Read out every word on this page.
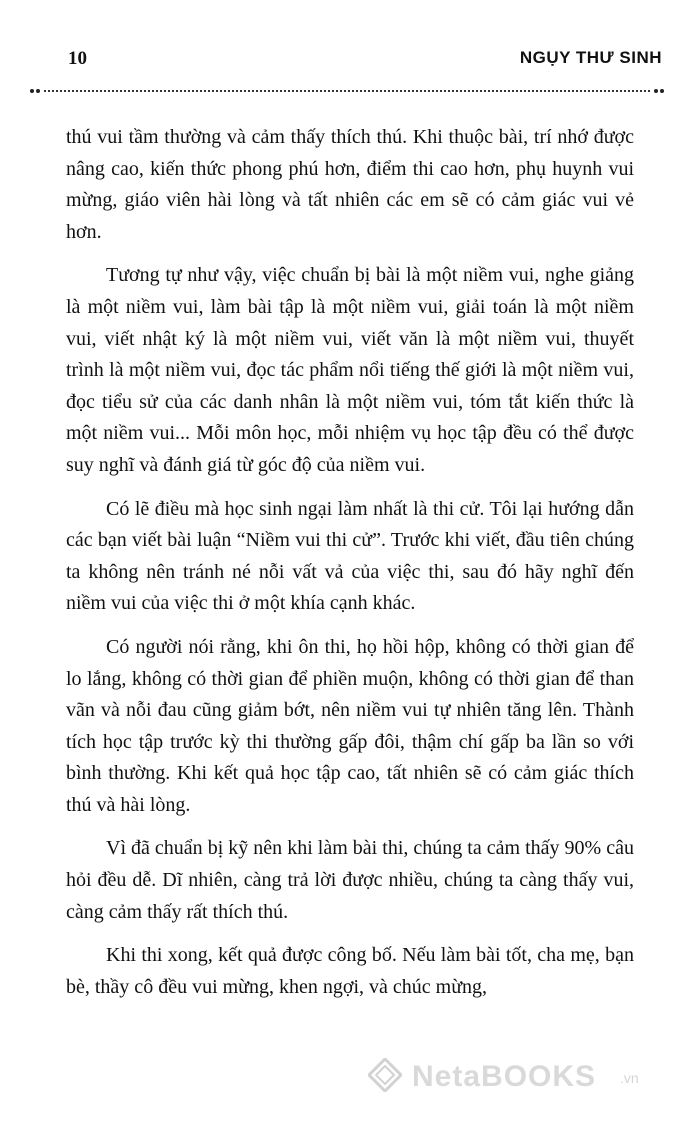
10	NGỤY THƯ SINH

thú vui tầm thường và cảm thấy thích thú. Khi thuộc bài, trí nhớ được nâng cao, kiến thức phong phú hơn, điểm thi cao hơn, phụ huynh vui mừng, giáo viên hài lòng và tất nhiên các em sẽ có cảm giác vui vẻ hơn.

Tương tự như vậy, việc chuẩn bị bài là một niềm vui, nghe giảng là một niềm vui, làm bài tập là một niềm vui, giải toán là một niềm vui, viết nhật ký là một niềm vui, viết văn là một niềm vui, thuyết trình là một niềm vui, đọc tác phẩm nổi tiếng thế giới là một niềm vui, đọc tiểu sử của các danh nhân là một niềm vui, tóm tắt kiến thức là một niềm vui... Mỗi môn học, mỗi nhiệm vụ học tập đều có thể được suy nghĩ và đánh giá từ góc độ của niềm vui.

Có lẽ điều mà học sinh ngại làm nhất là thi cử. Tôi lại hướng dẫn các bạn viết bài luận “Niềm vui thi cử”. Trước khi viết, đầu tiên chúng ta không nên tránh né nỗi vất vả của việc thi, sau đó hãy nghĩ đến niềm vui của việc thi ở một khía cạnh khác.

Có người nói rằng, khi ôn thi, họ hồi hộp, không có thời gian để lo lắng, không có thời gian để phiền muộn, không có thời gian để than vãn và nỗi đau cũng giảm bớt, nên niềm vui tự nhiên tăng lên. Thành tích học tập trước kỳ thi thường gấp đôi, thậm chí gấp ba lần so với bình thường. Khi kết quả học tập cao, tất nhiên sẽ có cảm giác thích thú và hài lòng.

Vì đã chuẩn bị kỹ nên khi làm bài thi, chúng ta cảm thấy 90% câu hỏi đều dễ. Dĩ nhiên, càng trả lời được nhiều, chúng ta càng thấy vui, càng cảm thấy rất thích thú.

Khi thi xong, kết quả được công bố. Nếu làm bài tốt, cha mẹ, bạn bè, thầy cô đều vui mừng, khen ngợi, và chúc mừng,

NetaBOOKS .vn
